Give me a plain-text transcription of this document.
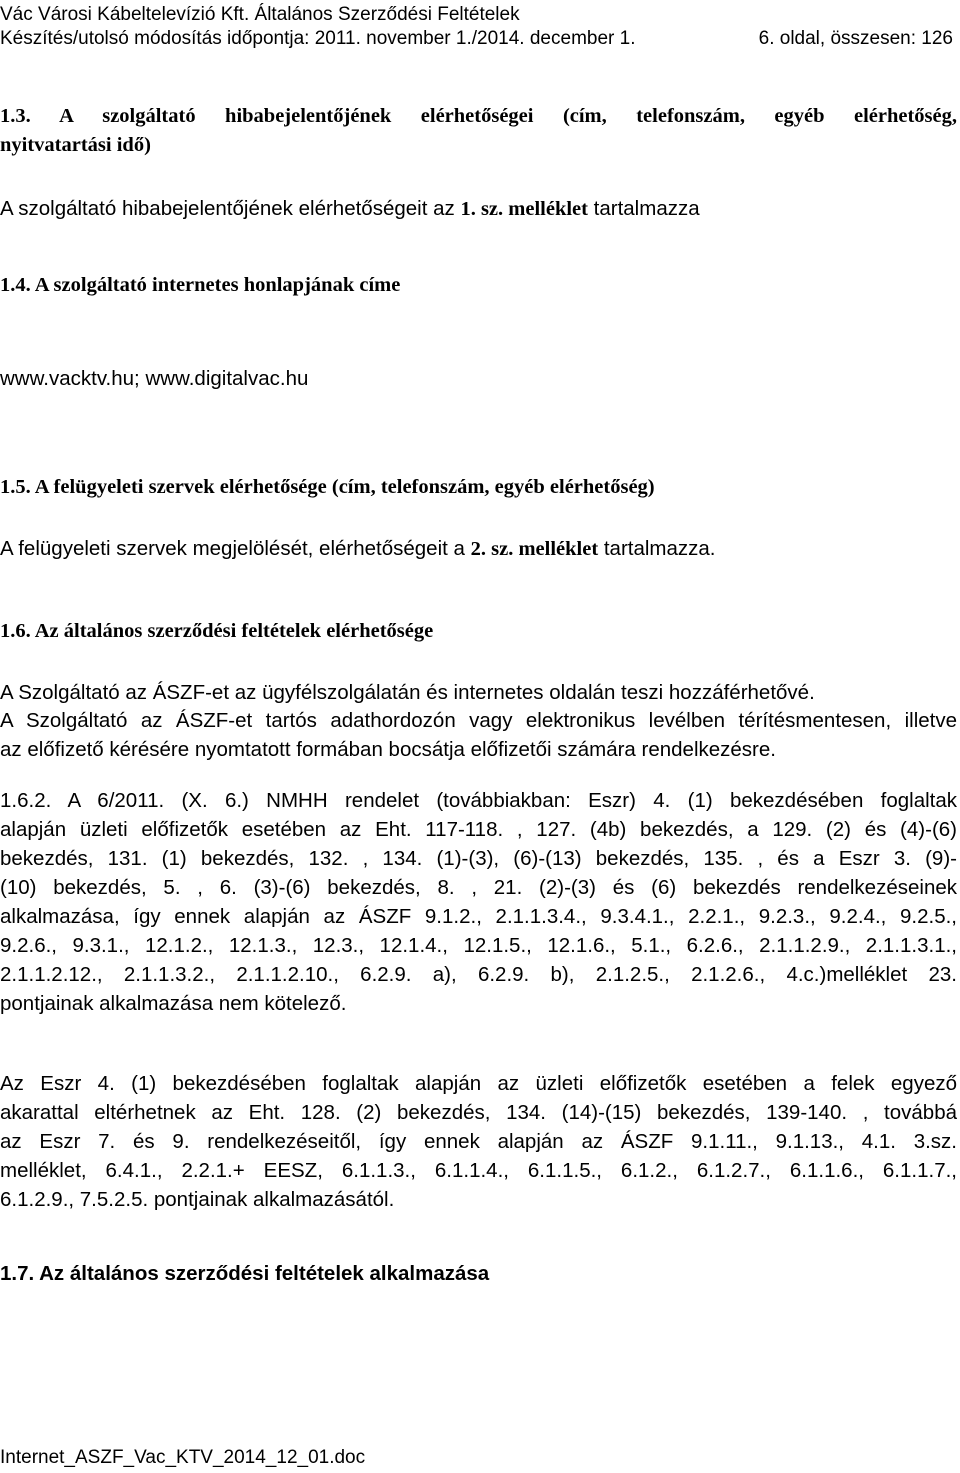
Vác Városi Kábeltelevízió Kft. Általános Szerződési Feltételek
Készítés/utolsó módosítás időpontja: 2011. november 1./2014. december 1.	6. oldal, összesen: 126
1.3. A szolgáltató hibabejelentőjének elérhetőségei (cím, telefonszám, egyéb elérhetőség,
nyitvatartási idő)
A szolgáltató hibabejelentőjének elérhetőségeit az 1. sz. melléklet tartalmazza
1.4. A szolgáltató internetes honlapjának címe
www.vacktv.hu; www.digitalvac.hu
1.5. A felügyeleti szervek elérhetősége (cím, telefonszám, egyéb elérhetőség)
A felügyeleti szervek megjelölését, elérhetőségeit a 2. sz. melléklet tartalmazza.
1.6. Az általános szerződési feltételek elérhetősége
A Szolgáltató az ÁSZF-et az ügyfélszolgálatán és internetes oldalán teszi hozzáférhetővé.
A Szolgáltató az ÁSZF-et tartós adathordozón vagy elektronikus levélben térítésmentesen, illetve
az előfizető kérésére nyomtatott formában bocsátja előfizetői számára rendelkezésre.
1.6.2. A 6/2011. (X. 6.) NMHH rendelet (továbbiakban: Eszr) 4. (1) bekezdésében foglaltak
alapján üzleti előfizetők esetében az Eht. 117-118. , 127. (4b) bekezdés, a 129. (2) és (4)-(6)
bekezdés, 131. (1) bekezdés, 132. , 134. (1)-(3), (6)-(13) bekezdés, 135. , és a Eszr 3. (9)-
(10) bekezdés, 5. , 6. (3)-(6) bekezdés, 8. , 21. (2)-(3) és (6) bekezdés rendelkezéseinek
alkalmazása, így ennek alapján az ÁSZF 9.1.2., 2.1.1.3.4., 9.3.4.1., 2.2.1., 9.2.3., 9.2.4., 9.2.5.,
9.2.6., 9.3.1., 12.1.2., 12.1.3., 12.3., 12.1.4., 12.1.5., 12.1.6., 5.1., 6.2.6., 2.1.1.2.9., 2.1.1.3.1.,
2.1.1.2.12., 2.1.1.3.2., 2.1.1.2.10., 6.2.9. a), 6.2.9. b), 2.1.2.5., 2.1.2.6., 4.c.)melléklet 23.
pontjainak alkalmazása nem kötelező.
Az Eszr 4. (1) bekezdésében foglaltak alapján az üzleti előfizetők esetében a felek egyező
akarattal eltérhetnek az Eht. 128. (2) bekezdés, 134. (14)-(15) bekezdés, 139-140. , továbbá
az Eszr 7. és 9. rendelkezéseitől, így ennek alapján az ÁSZF 9.1.11., 9.1.13., 4.1. 3.sz.
melléklet, 6.4.1., 2.2.1.+ EESZ, 6.1.1.3., 6.1.1.4., 6.1.1.5., 6.1.2., 6.1.2.7., 6.1.1.6., 6.1.1.7.,
6.1.2.9., 7.5.2.5. pontjainak alkalmazásától.
1.7. Az általános szerződési feltételek alkalmazása
Internet_ASZF_Vac_KTV_2014_12_01.doc
